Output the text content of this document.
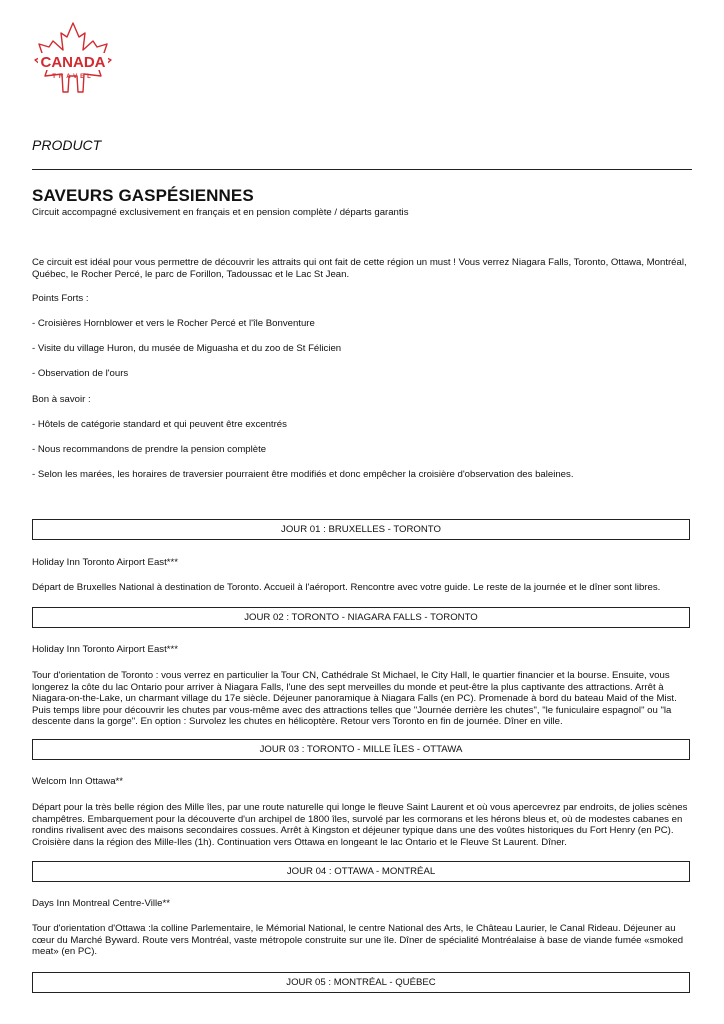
CANADA
TRAVEL
PRODUCT
SAVEURS GASPÉSIENNES
Circuit accompagné exclusivement en français et en pension complète / départs garantis
Ce circuit est idéal pour vous permettre de découvrir les attraits qui ont fait de cette région un must ! Vous verrez Niagara Falls, Toronto, Ottawa, Montréal, Québec, le Rocher Percé, le parc de Forillon, Tadoussac et le Lac St Jean.
Points Forts :
- Croisières Hornblower et vers le Rocher Percé et l'île Bonventure
- Visite du village Huron, du musée de Miguasha et du zoo de St Félicien
- Observation de l'ours
Bon à savoir :
- Hôtels de catégorie standard et qui peuvent être excentrés
- Nous recommandons de prendre la pension complète
- Selon les marées, les horaires de traversier pourraient être modifiés et donc empêcher la croisière d'observation des baleines.
JOUR 01 : BRUXELLES - TORONTO
Holiday Inn Toronto Airport East***
Départ de Bruxelles National à destination de Toronto. Accueil à l'aéroport. Rencontre avec votre guide. Le reste de la journée et le dîner sont libres.
JOUR 02 : TORONTO - NIAGARA FALLS - TORONTO
Holiday Inn Toronto Airport East***
Tour d'orientation de Toronto : vous verrez en particulier la Tour CN, Cathédrale St Michael, le City Hall, le quartier financier et la bourse. Ensuite, vous longerez la côte du lac Ontario pour arriver à Niagara Falls, l'une des sept merveilles du monde et peut-être la plus captivante des attractions. Arrêt à Niagara-on-the-Lake, un charmant village du 17e siècle. Déjeuner panoramique à Niagara Falls (en PC). Promenade à bord du bateau Maid of the Mist. Puis temps libre pour découvrir les chutes par vous-même avec des attractions telles que "Journée derrière les chutes", "le funiculaire espagnol" ou "la descente dans la gorge". En option : Survolez les chutes en hélicoptère. Retour vers Toronto en fin de journée. Dîner en ville.
JOUR 03 : TORONTO - MILLE ÎLES - OTTAWA
Welcom Inn Ottawa**
Départ pour la très belle région des Mille îles, par une route naturelle qui longe le fleuve Saint Laurent et où vous apercevrez par endroits, de jolies scènes champêtres. Embarquement pour la découverte d'un archipel de 1800 îles, survolé par les cormorans et les hérons bleus et, où de modestes cabanes en rondins rivalisent avec des maisons secondaires cossues. Arrêt à Kingston et déjeuner typique dans une des voûtes historiques du Fort Henry (en PC). Croisière dans la région des Mille-Iles (1h). Continuation vers Ottawa en longeant le lac Ontario et le Fleuve St Laurent. Dîner.
JOUR 04 : OTTAWA - MONTRÉAL
Days Inn Montreal Centre-Ville**
Tour d'orientation d'Ottawa :la colline Parlementaire, le Mémorial National, le centre National des Arts, le Château Laurier, le Canal Rideau. Déjeuner au cœur du Marché Byward. Route vers Montréal, vaste métropole construite sur une île. Dîner de spécialité Montréalaise à base de viande fumée «smoked meat» (en PC).
JOUR 05 : MONTRÉAL - QUÉBEC
